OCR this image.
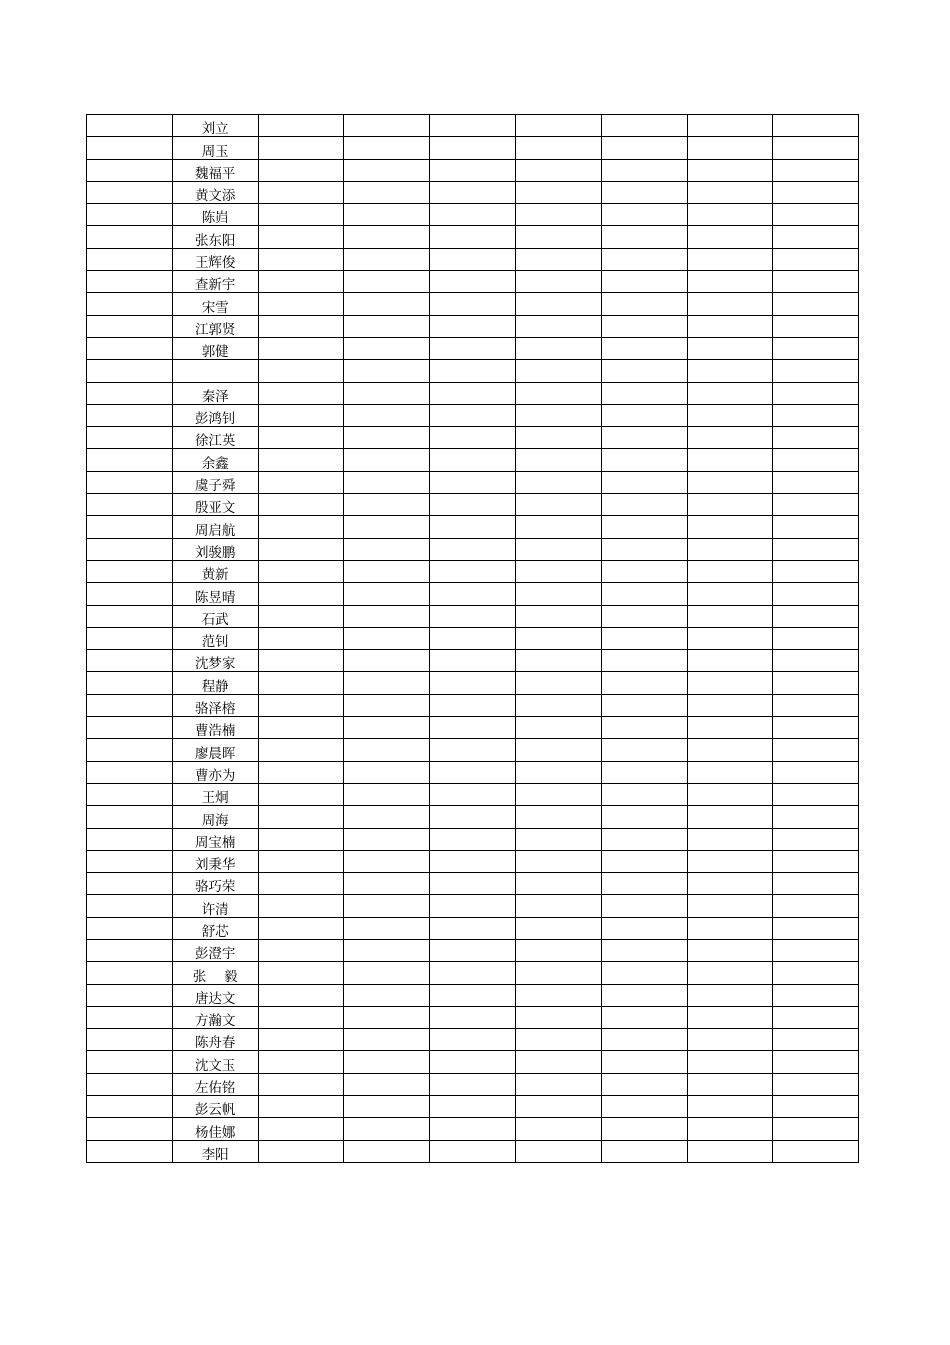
	刘立							
	周玉							
	魏福平							
	黄文添							
	陈岿							
	张东阳							
	王辉俊							
	查新宇							
	宋雪							
	江郭贤							
	郭健							

	秦泽							
	彭鸿钊							
	徐江英							
	余鑫							
	虞子舜							
	殷亚文							
	周启航							
	刘骏鹏							
	黄新							
	陈昱晴							
	石武							
	范钊							
	沈梦家							
	程静							
	骆泽榕							
	曹浩楠							
	廖晨晖							
	曹亦为							
	王炯							
	周海							
	周宝楠							
	刘秉华							
	骆巧荣							
	许清							
	舒芯							
	彭澄宇							
	张　 毅							
	唐达文							
	方瀚文							
	陈舟春							
	沈文玉							
	左佑铭							
	彭云帆							
	杨佳娜							
	李阳							
